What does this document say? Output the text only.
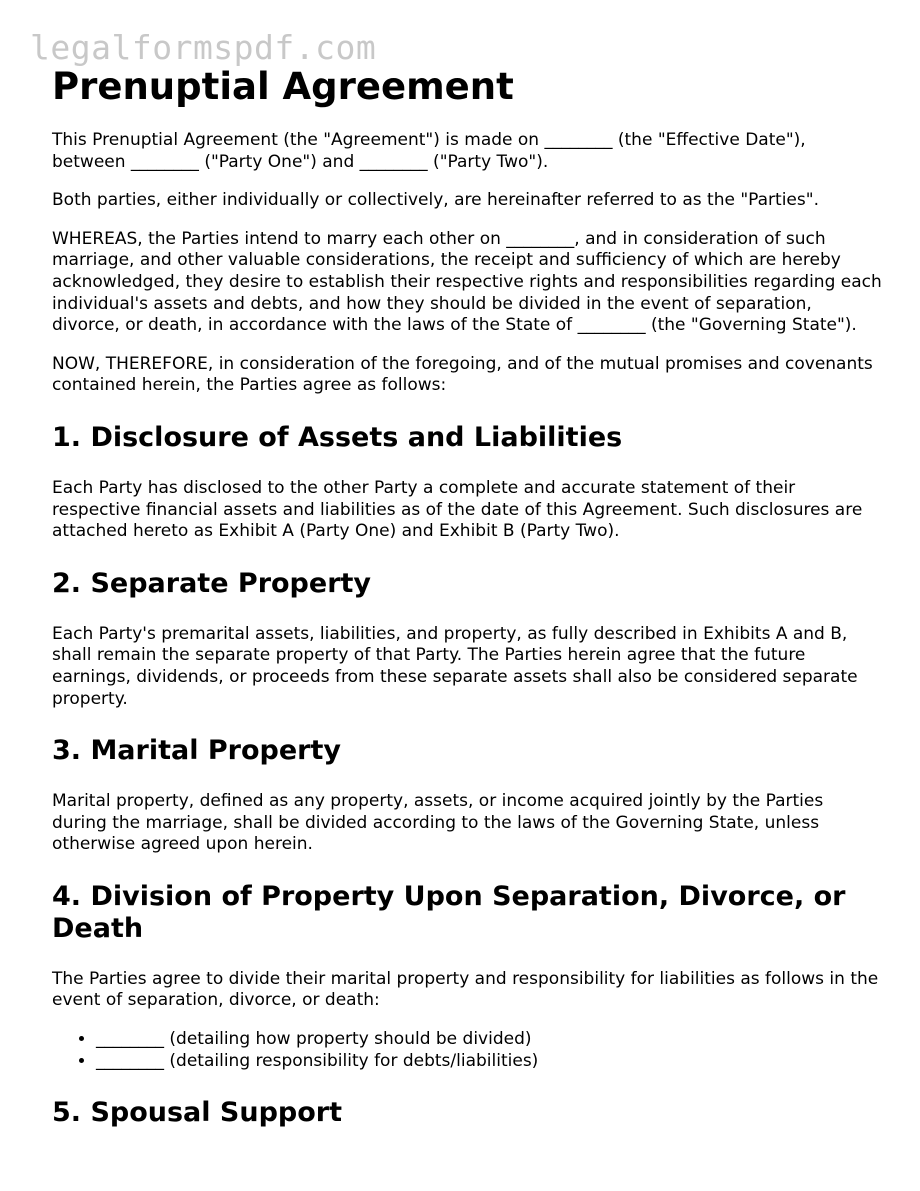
legalformspdf.com
Prenuptial Agreement

This Prenuptial Agreement (the "Agreement") is made on ________ (the "Effective Date"), between ________ ("Party One") and ________ ("Party Two").

Both parties, either individually or collectively, are hereinafter referred to as the "Parties".

WHEREAS, the Parties intend to marry each other on ________, and in consideration of such marriage, and other valuable considerations, the receipt and sufficiency of which are hereby acknowledged, they desire to establish their respective rights and responsibilities regarding each individual's assets and debts, and how they should be divided in the event of separation, divorce, or death, in accordance with the laws of the State of ________ (the "Governing State").

NOW, THEREFORE, in consideration of the foregoing, and of the mutual promises and covenants contained herein, the Parties agree as follows:

1. Disclosure of Assets and Liabilities

Each Party has disclosed to the other Party a complete and accurate statement of their respective financial assets and liabilities as of the date of this Agreement. Such disclosures are attached hereto as Exhibit A (Party One) and Exhibit B (Party Two).

2. Separate Property

Each Party's premarital assets, liabilities, and property, as fully described in Exhibits A and B, shall remain the separate property of that Party. The Parties herein agree that the future earnings, dividends, or proceeds from these separate assets shall also be considered separate property.

3. Marital Property

Marital property, defined as any property, assets, or income acquired jointly by the Parties during the marriage, shall be divided according to the laws of the Governing State, unless otherwise agreed upon herein.

4. Division of Property Upon Separation, Divorce, or Death

The Parties agree to divide their marital property and responsibility for liabilities as follows in the event of separation, divorce, or death:

• ________ (detailing how property should be divided)
• ________ (detailing responsibility for debts/liabilities)
5. Spousal Support
